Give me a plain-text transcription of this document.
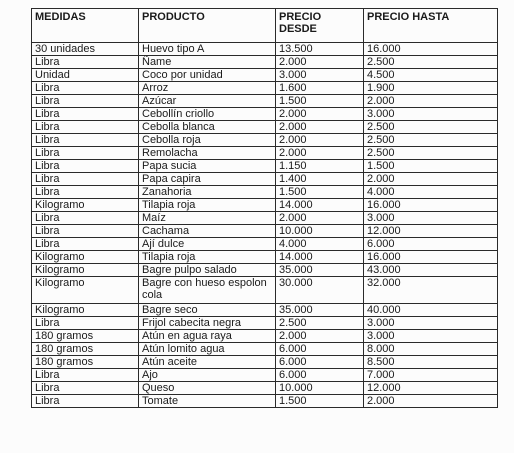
MEDIDAS	PRODUCTO	PRECIO DESDE	PRECIO HASTA
30 unidades	Huevo tipo A	13.500	16.000
Libra	Ñame	2.000	2.500
Unidad	Coco por unidad	3.000	4.500
Libra	Arroz	1.600	1.900
Libra	Azúcar	1.500	2.000
Libra	Cebollín criollo	2.000	3.000
Libra	Cebolla blanca	2.000	2.500
Libra	Cebolla roja	2.000	2.500
Libra	Remolacha	2.000	2.500
Libra	Papa sucia	1.150	1.500
Libra	Papa capira	1.400	2.000
Libra	Zanahoria	1.500	4.000
Kilogramo	Tilapia roja	14.000	16.000
Libra	Maíz	2.000	3.000
Libra	Cachama	10.000	12.000
Libra	Ají dulce	4.000	6.000
Kilogramo	Tilapia roja	14.000	16.000
Kilogramo	Bagre pulpo salado	35.000	43.000
Kilogramo	Bagre con hueso espolon cola	30.000	32.000
Kilogramo	Bagre seco	35.000	40.000
Libra	Frijol cabecita negra	2.500	3.000
180 gramos	Atún en agua raya	2.000	3.000
180 gramos	Atún lomito agua	6.000	8.000
180 gramos	Atún aceite	6.000	8.500
Libra	Ajo	6.000	7.000
Libra	Queso	10.000	12.000
Libra	Tomate	1.500	2.000
